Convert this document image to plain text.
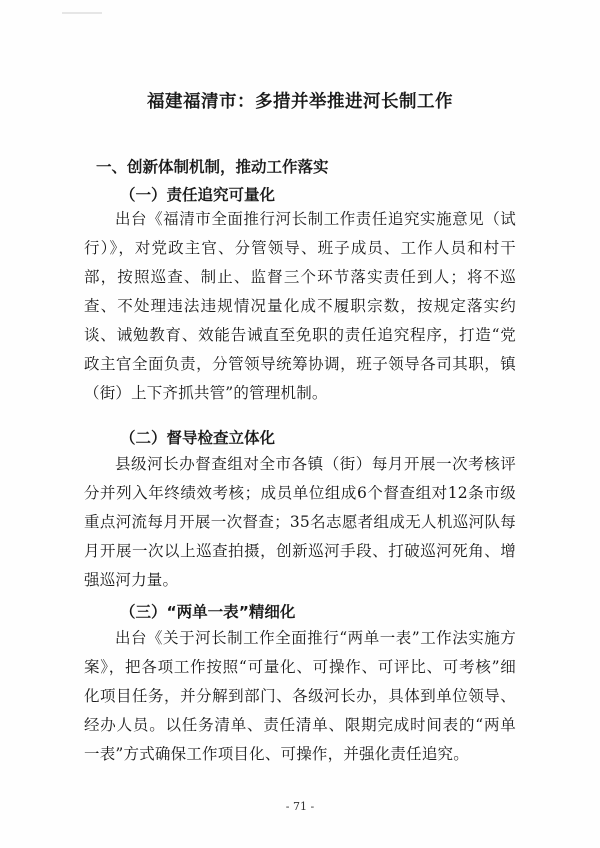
福建福清市：多措并举推进河长制工作
一、创新体制机制，推动工作落实
（一）责任追究可量化
出台《福清市全面推行河长制工作责任追究实施意见（试行）》，对党政主官、分管领导、班子成员、工作人员和村干部，按照巡查、制止、监督三个环节落实责任到人；将不巡查、不处理违法违规情况量化成不履职宗数，按规定落实约谈、诫勉教育、效能告诫直至免职的责任追究程序，打造“党政主官全面负责，分管领导统筹协调，班子领导各司其职，镇（街）上下齐抓共管”的管理机制。
（二）督导检查立体化
县级河长办督查组对全市各镇（街）每月开展一次考核评分并列入年终绩效考核；成员单位组成6个督查组对12条市级重点河流每月开展一次督查；35名志愿者组成无人机巡河队每月开展一次以上巡查拍摄，创新巡河手段、打破巡河死角、增强巡河力量。
（三）“两单一表”精细化
出台《关于河长制工作全面推行“两单一表”工作法实施方案》，把各项工作按照“可量化、可操作、可评比、可考核”细化项目任务，并分解到部门、各级河长办，具体到单位领导、经办人员。以任务清单、责任清单、限期完成时间表的“两单一表”方式确保工作项目化、可操作，并强化责任追究。
- 71 -
